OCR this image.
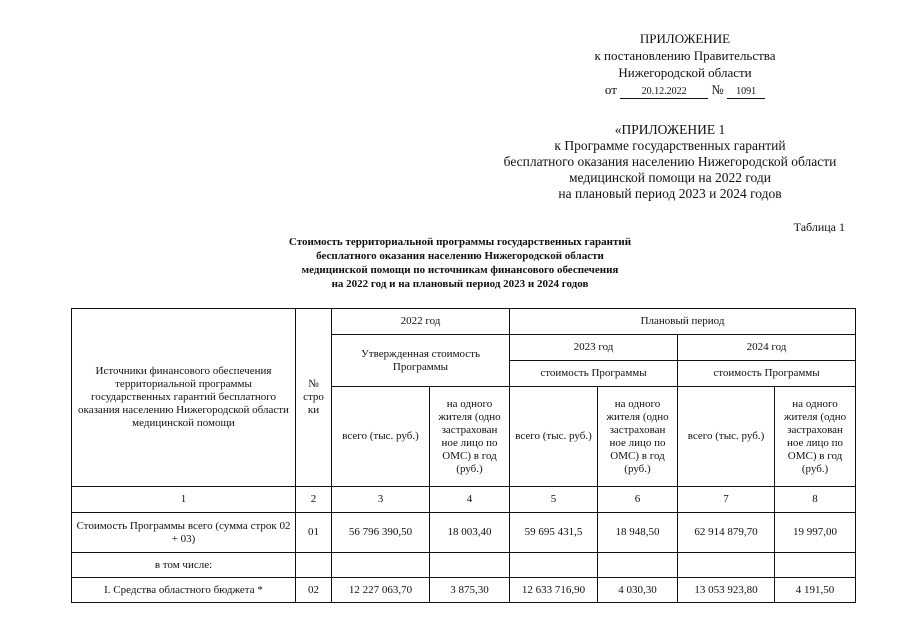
ПРИЛОЖЕНИЕ
к постановлению Правительства
Нижегородской области
от 20.12.2022 № 1091
«ПРИЛОЖЕНИЕ 1
к Программе государственных гарантий
бесплатного оказания населению Нижегородской области
медицинской помощи на 2022 годи
на плановый период 2023 и 2024 годов
Таблица 1
Стоимость территориальной программы государственных гарантий
бесплатного оказания населению Нижегородской области
медицинской помощи по источникам финансового обеспечения
на 2022 год и на плановый период 2023 и 2024 годов
Источники финансового обеспечения территориальной программы государственных гарантий бесплатного оказания населению Нижегородской области медицинской помощи	№ стро ки	2022 год		Плановый период			
		Утвержденная стоимость Программы		2023 год		2024 год	
				стоимость Программы		стоимость Программы	
		всего (тыс. руб.)	на одного жителя (одно застрахован ное лицо по ОМС) в год (руб.)	всего (тыс. руб.)	на одного жителя (одно застрахован ное лицо по ОМС) в год (руб.)	всего (тыс. руб.)	на одного жителя (одно застрахован ное лицо по ОМС) в год (руб.)
1	2	3	4	5	6	7	8
Стоимость Программы всего (сумма строк 02 + 03)	01	56 796 390,50	18 003,40	59 695 431,5	18 948,50	62 914 879,70	19 997,00
в том числе:							
I. Средства областного бюджета *	02	12 227 063,70	3 875,30	12 633 716,90	4 030,30	13 053 923,80	4 191,50
